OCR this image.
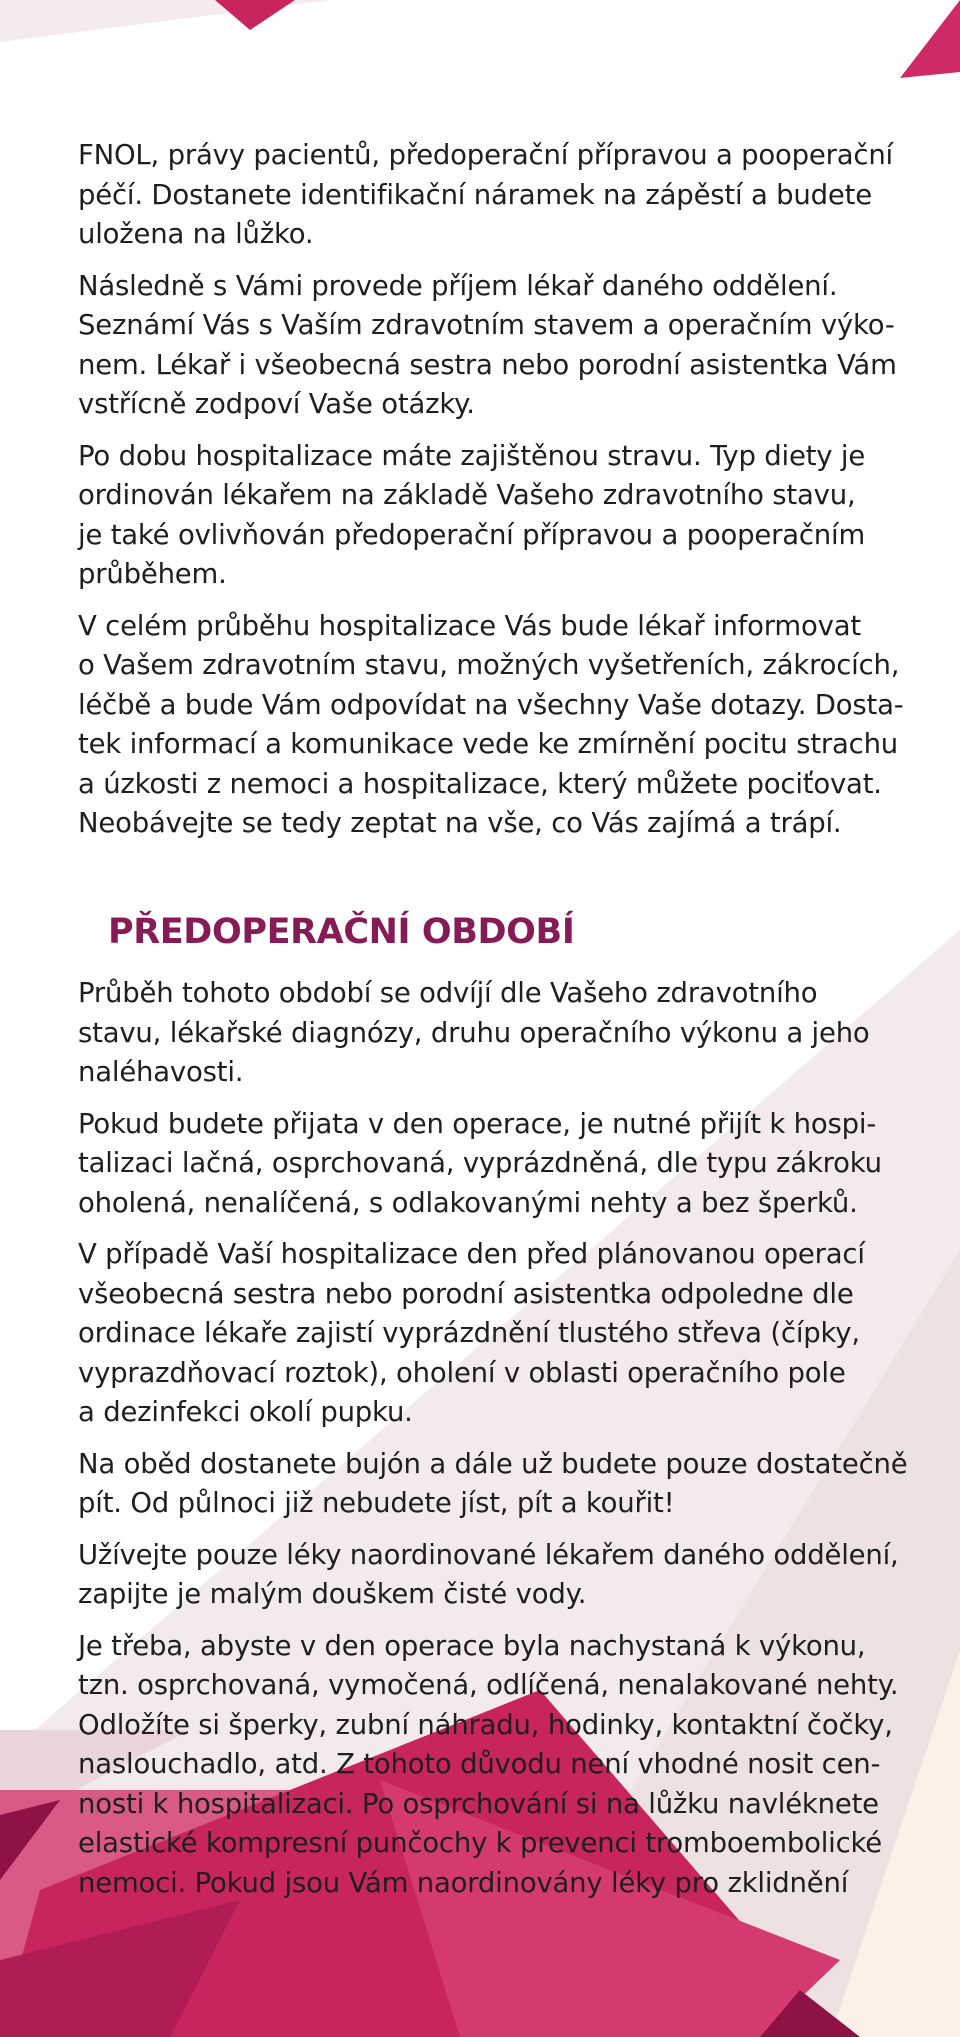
FNOL, právy pacientů, předoperační přípravou a pooperační
péčí. Dostanete identifikační náramek na zápěstí a budete
uložena na lůžko.

Následně s Vámi provede příjem lékař daného oddělení.
Seznámí Vás s Vaším zdravotním stavem a operačním výko-
nem. Lékař i všeobecná sestra nebo porodní asistentka Vám
vstřícně zodpoví Vaše otázky.

Po dobu hospitalizace máte zajištěnou stravu. Typ diety je
ordinován lékařem na základě Vašeho zdravotního stavu,
je také ovlivňován předoperační přípravou a pooperačním
průběhem.

V celém průběhu hospitalizace Vás bude lékař informovat
o Vašem zdravotním stavu, možných vyšetřeních, zákrocích,
léčbě a bude Vám odpovídat na všechny Vaše dotazy. Dosta-
tek informací a komunikace vede ke zmírnění pocitu strachu
a úzkosti z nemoci a hospitalizace, který můžete pociťovat.
Neobávejte se tedy zeptat na vše, co Vás zajímá a trápí.

PŘEDOPERAČNÍ OBDOBÍ

Průběh tohoto období se odvíjí dle Vašeho zdravotního
stavu, lékařské diagnózy, druhu operačního výkonu a jeho
naléhavosti.

Pokud budete přijata v den operace, je nutné přijít k hospi-
talizaci lačná, osprchovaná, vyprázdněná, dle typu zákroku
oholená, nenalíčená, s odlakovanými nehty a bez šperků.

V případě Vaší hospitalizace den před plánovanou operací
všeobecná sestra nebo porodní asistentka odpoledne dle
ordinace lékaře zajistí vyprázdnění tlustého střeva (čípky,
vyprazdňovací roztok), oholení v oblasti operačního pole
a dezinfekci okolí pupku.

Na oběd dostanete bujón a dále už budete pouze dostatečně
pít. Od půlnoci již nebudete jíst, pít a kouřit!

Užívejte pouze léky naordinované lékařem daného oddělení,
zapijte je malým douškem čisté vody.

Je třeba, abyste v den operace byla nachystaná k výkonu,
tzn. osprchovaná, vymočená, odlíčená, nenalakované nehty.
Odložíte si šperky, zubní náhradu, hodinky, kontaktní čočky,
naslouchadlo, atd. Z tohoto důvodu není vhodné nosit cen-
nosti k hospitalizaci. Po osprchování si na lůžku navléknete
elastické kompresní punčochy k prevenci tromboembolické
nemoci. Pokud jsou Vám naordinovány léky pro zklidnění
